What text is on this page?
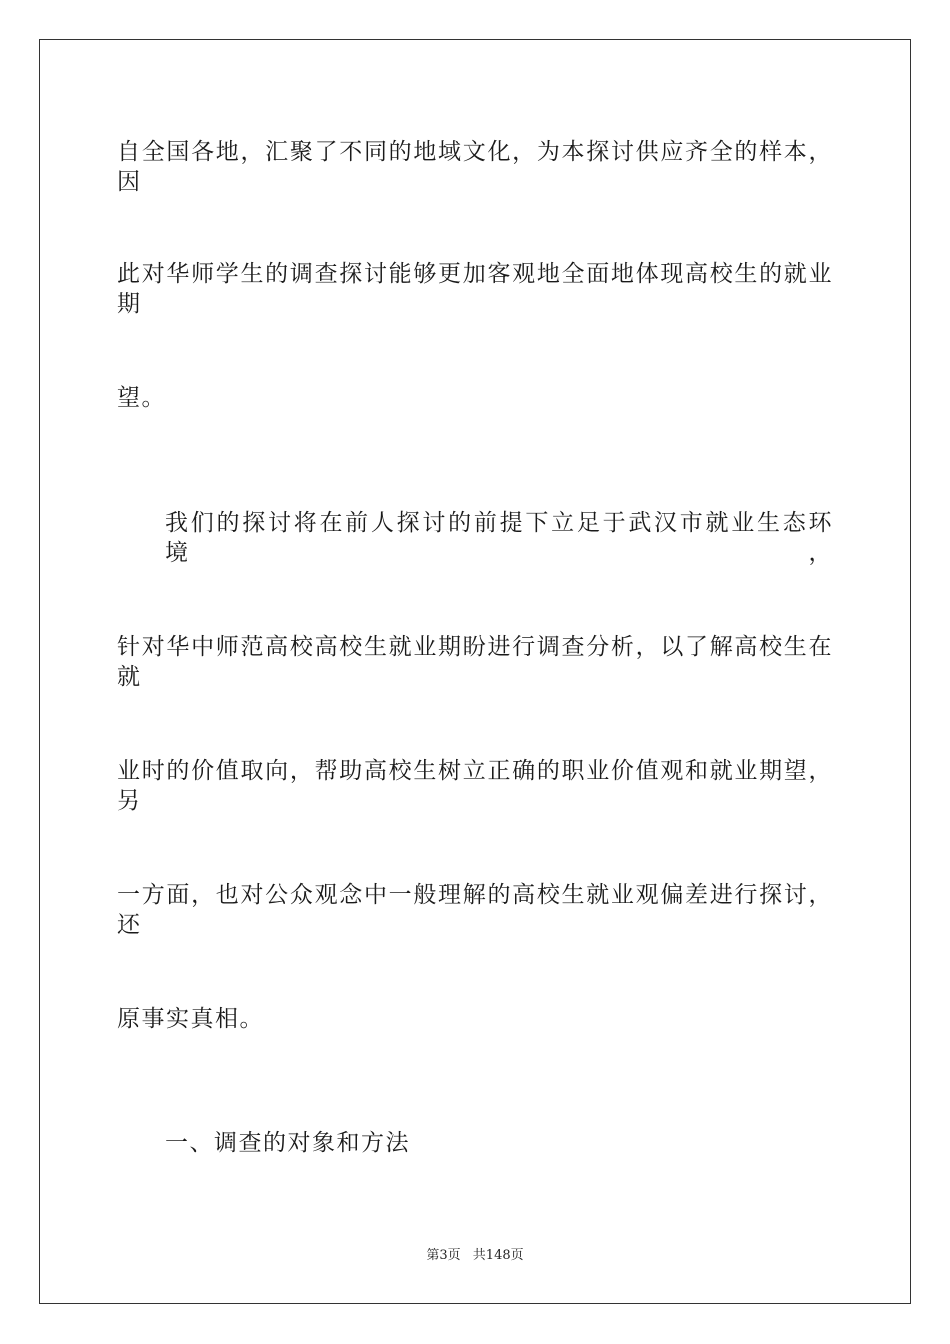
自全国各地，汇聚了不同的地域文化，为本探讨供应齐全的样本，因
此对华师学生的调查探讨能够更加客观地全面地体现高校生的就业期
望。
我们的探讨将在前人探讨的前提下立足于武汉市就业生态环境，
针对华中师范高校高校生就业期盼进行调查分析，以了解高校生在就
业时的价值取向，帮助高校生树立正确的职业价值观和就业期望，另
一方面，也对公众观念中一般理解的高校生就业观偏差进行探讨，还
原事实真相。
一、调查的对象和方法
第3页 共148页
